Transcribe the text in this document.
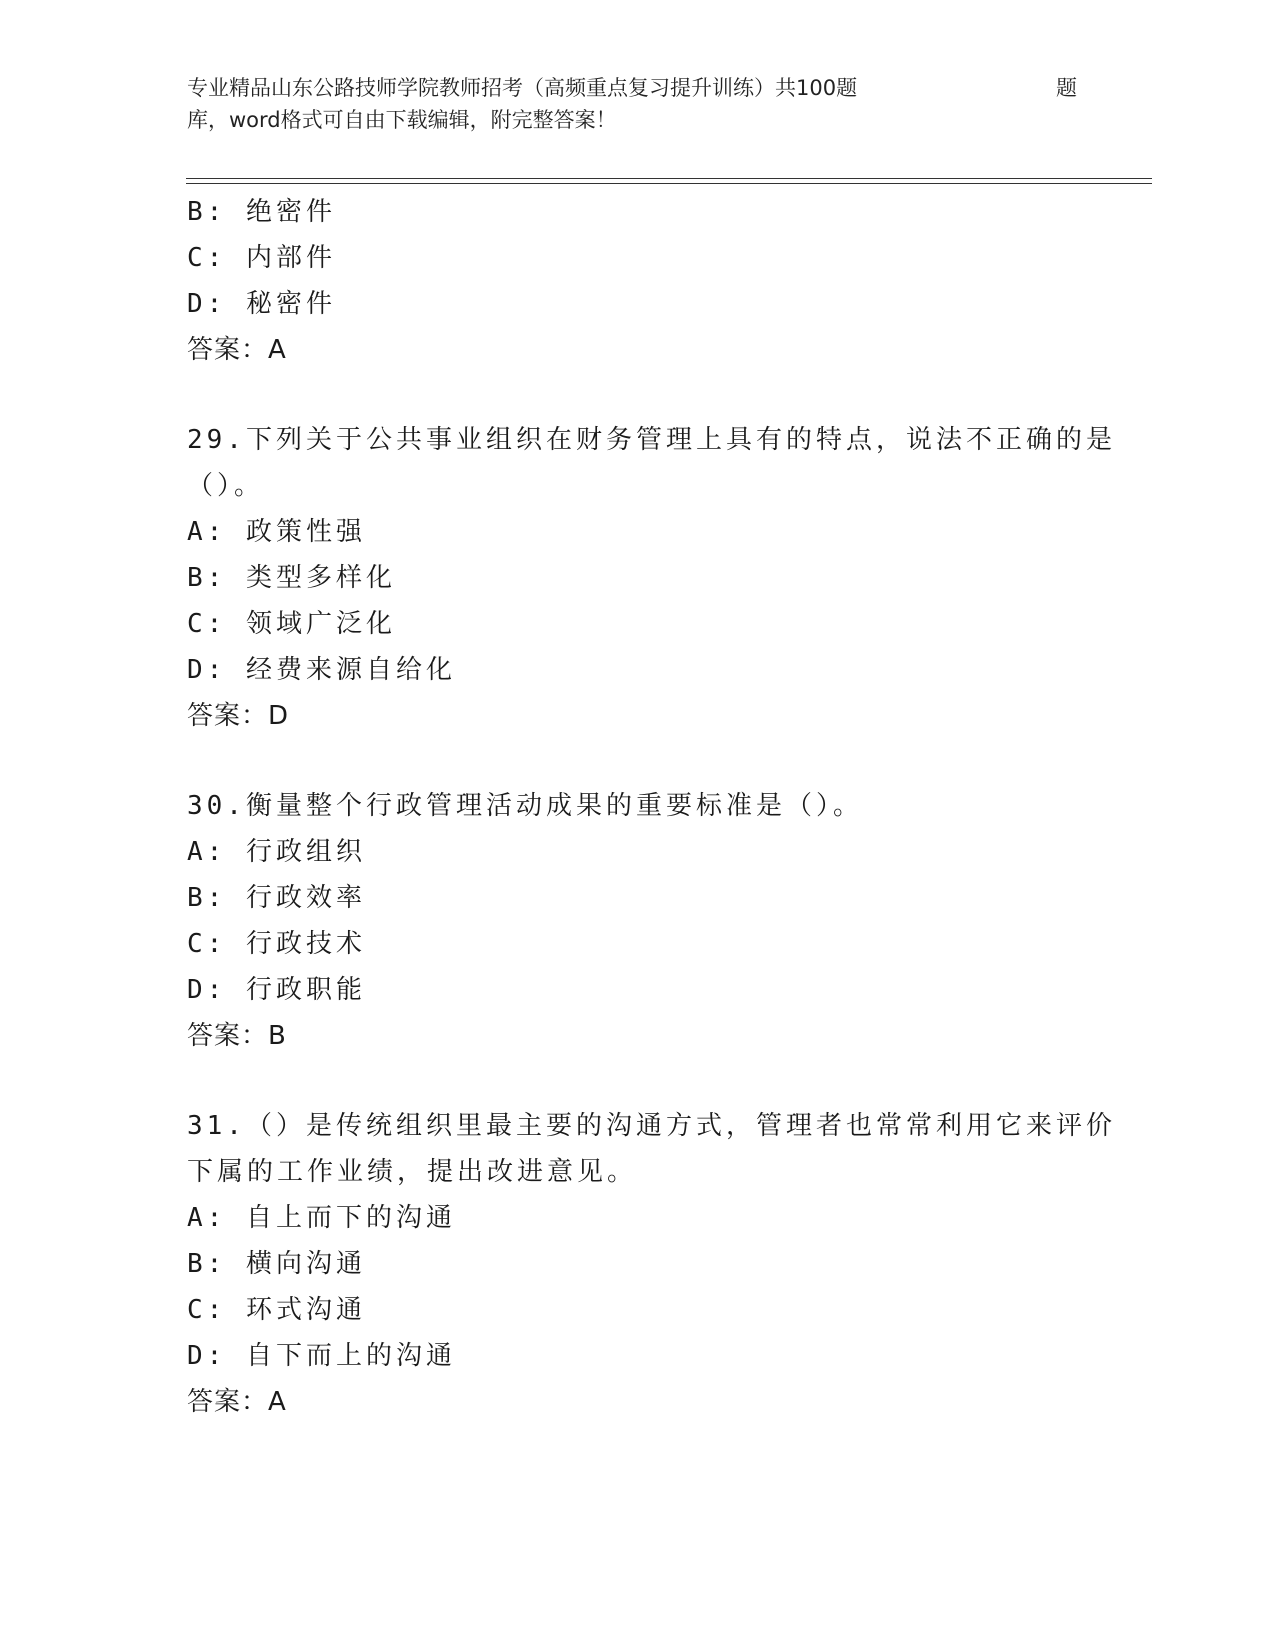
专业精品山东公路技师学院教师招考（高频重点复习提升训练）共100题	题
库，word格式可自由下载编辑，附完整答案！
B: 绝密件
C: 内部件
D: 秘密件
答案：A
29.下列关于公共事业组织在财务管理上具有的特点，说法不正确的是
（）。
A: 政策性强
B: 类型多样化
C: 领域广泛化
D: 经费来源自给化
答案：D
30.衡量整个行政管理活动成果的重要标准是（）。
A: 行政组织
B: 行政效率
C: 行政技术
D: 行政职能
答案：B
31.（）是传统组织里最主要的沟通方式，管理者也常常利用它来评价
下属的工作业绩，提出改进意见。
A: 自上而下的沟通
B: 横向沟通
C: 环式沟通
D: 自下而上的沟通
答案：A
